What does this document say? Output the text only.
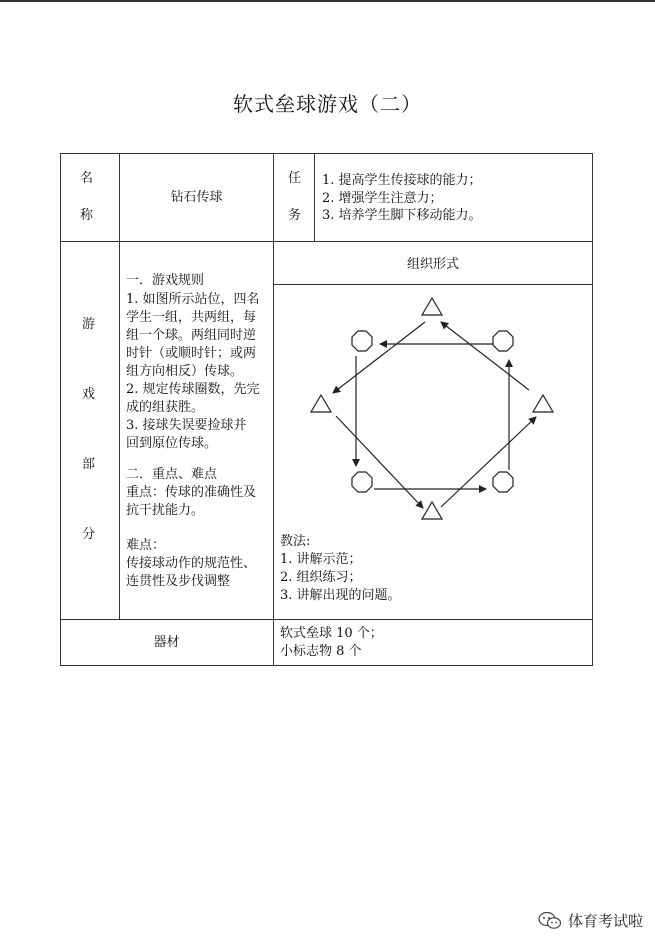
软式垒球游戏（二）
名
称
钻石传球
任
务
1. 提高学生传接球的能力；
2. 增强学生注意力；
3. 培养学生脚下移动能力。
游
戏
部
分
一．游戏规则
1. 如图所示站位，四名
学生一组，共两组，每
组一个球。两组同时逆
时针（或顺时针；或两
组方向相反）传球。
2. 规定传球圈数，先完
成的组获胜。
3. 接球失误要捡球并
回到原位传球。
二．重点、难点
重点：传球的准确性及
抗干扰能力。
难点：
传接球动作的规范性、
连贯性及步伐调整
组织形式
教法:
1. 讲解示范；
2. 组织练习；
3. 讲解出现的问题。
器材
软式垒球 10 个；
小标志物 8 个
体育考试啦
